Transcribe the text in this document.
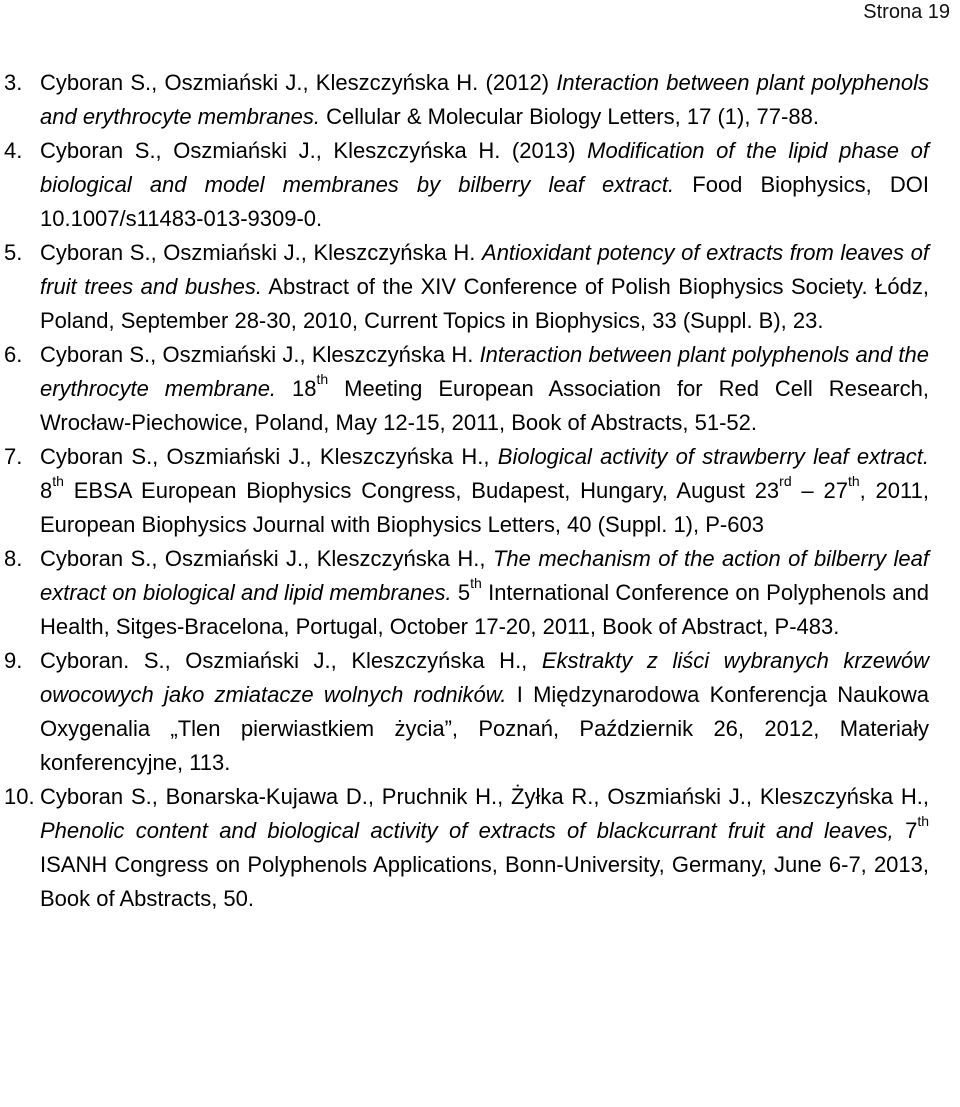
Strona 19
3. Cyboran S., Oszmiański J., Kleszczyńska H. (2012) Interaction between plant polyphenols and erythrocyte membranes. Cellular & Molecular Biology Letters, 17 (1), 77-88.
4. Cyboran S., Oszmiański J., Kleszczyńska H. (2013) Modification of the lipid phase of biological and model membranes by bilberry leaf extract. Food Biophysics, DOI 10.1007/s11483-013-9309-0.
5. Cyboran S., Oszmiański J., Kleszczyńska H. Antioxidant potency of extracts from leaves of fruit trees and bushes. Abstract of the XIV Conference of Polish Biophysics Society. Łódz, Poland, September 28-30, 2010, Current Topics in Biophysics, 33 (Suppl. B), 23.
6. Cyboran S., Oszmiański J., Kleszczyńska H. Interaction between plant polyphenols and the erythrocyte membrane. 18th Meeting European Association for Red Cell Research, Wrocław-Piechowice, Poland, May 12-15, 2011, Book of Abstracts, 51-52.
7. Cyboran S., Oszmiański J., Kleszczyńska H., Biological activity of strawberry leaf extract. 8th EBSA European Biophysics Congress, Budapest, Hungary, August 23rd – 27th, 2011, European Biophysics Journal with Biophysics Letters, 40 (Suppl. 1), P-603
8. Cyboran S., Oszmiański J., Kleszczyńska H., The mechanism of the action of bilberry leaf extract on biological and lipid membranes. 5th International Conference on Polyphenols and Health, Sitges-Bracelona, Portugal, October 17-20, 2011, Book of Abstract, P-483.
9. Cyboran. S., Oszmiański J., Kleszczyńska H., Ekstrakty z liści wybranych krzewów owocowych jako zmiatacze wolnych rodników. I Międzynarodowa Konferencja Naukowa Oxygenalia „Tlen pierwiastkiem życia”, Poznań, Październik 26, 2012, Materiały konferencyjne, 113.
10. Cyboran S., Bonarska-Kujawa D., Pruchnik H., Żyłka R., Oszmiański J., Kleszczyńska H., Phenolic content and biological activity of extracts of blackcurrant fruit and leaves, 7th ISANH Congress on Polyphenols Applications, Bonn-University, Germany, June 6-7, 2013, Book of Abstracts, 50.
